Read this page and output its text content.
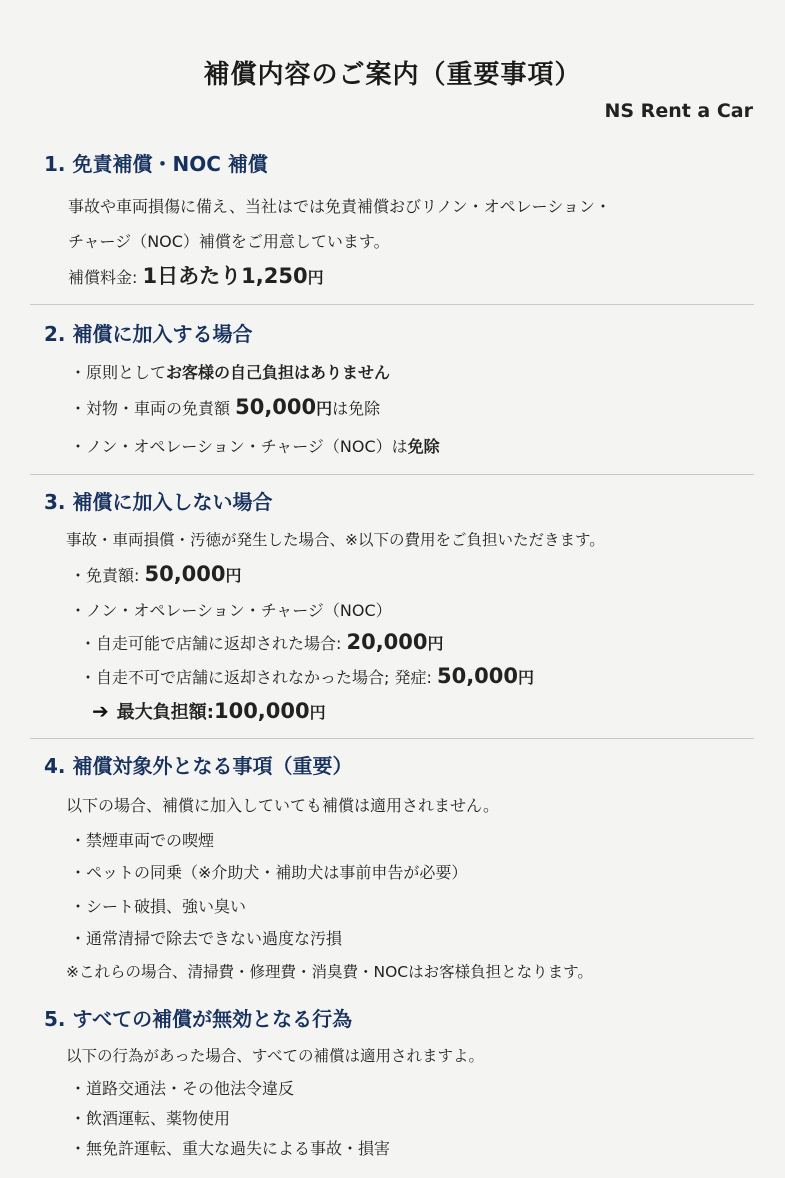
補償内容のご案内（重要事項）
NS Rent a Car
1. 免責補償・NOC 補償
事故や車両損傷に備え、当社はでは免責補償おびリノン・オペレーション・
チャージ（NOC）補償をご用意しています。
補償料金: 1日あたり1,250円
2. 補償に加入する場合
・原則としてお客様の自己負担はありません
・対物・車両の免責額 50,000円は免除
・ノン・オペレーション・チャージ（NOC）は免除
3. 補償に加入しない場合
事故・車両損償・汚徳が発生した場合、※以下の費用をご負担いただきます。
・免責額: 50,000円
・ノン・オペレーション・チャージ（NOC）
・自走可能で店舗に返却された場合: 20,000円
・自走不可で店舗に返却されなかった場合; 発症: 50,000円
➔ 最大負担額:100,000円
4. 補償対象外となる事項（重要）
以下の場合、補償に加入していても補償は適用されません。
・禁煙車両での喫煙
・ペットの同乗（※介助犬・補助犬は事前申告が必要）
・シート破損、強い臭い
・通常清掃で除去できない過度な汚損
※これらの場合、清掃費・修理費・消臭費・NOCはお客様負担となります。
5. すべての補償が無効となる行為
以下の行為があった場合、すべての補償は適用されますよ。
・道路交通法・その他法令違反
・飲酒運転、薬物使用
・無免許運転、重大な過失による事故・損害
